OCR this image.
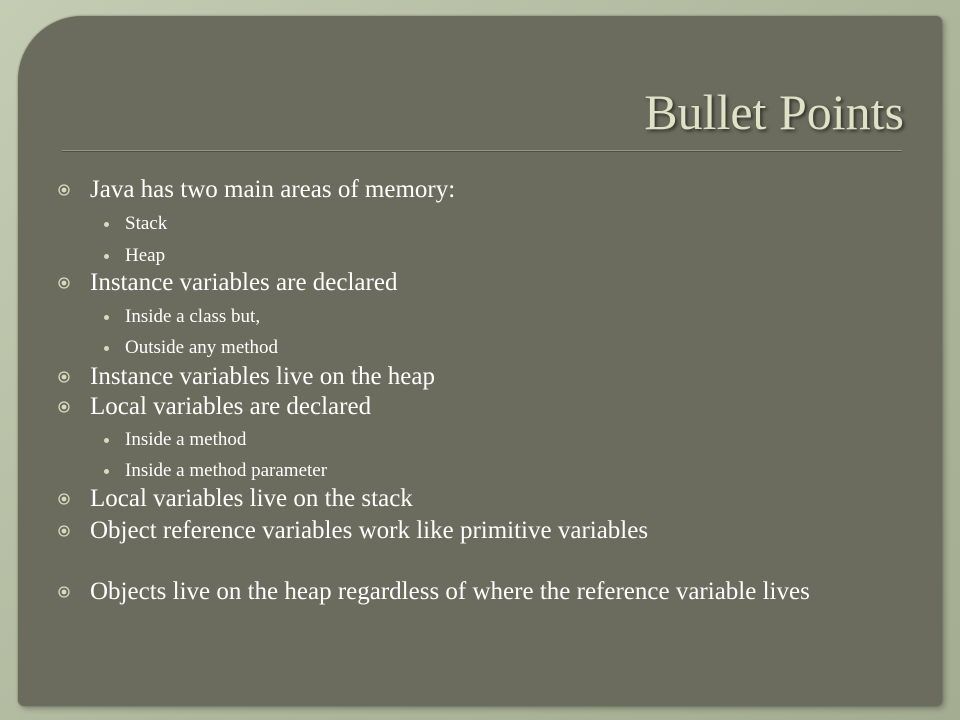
Bullet Points
Java has two main areas of memory:
Stack
Heap
Instance variables are declared
Inside a class but,
Outside any method
Instance variables live on the heap
Local variables are declared
Inside a method
Inside a method parameter
Local variables live on the stack
Object reference variables work like primitive variables
Objects live on the heap regardless of where the reference variable lives
